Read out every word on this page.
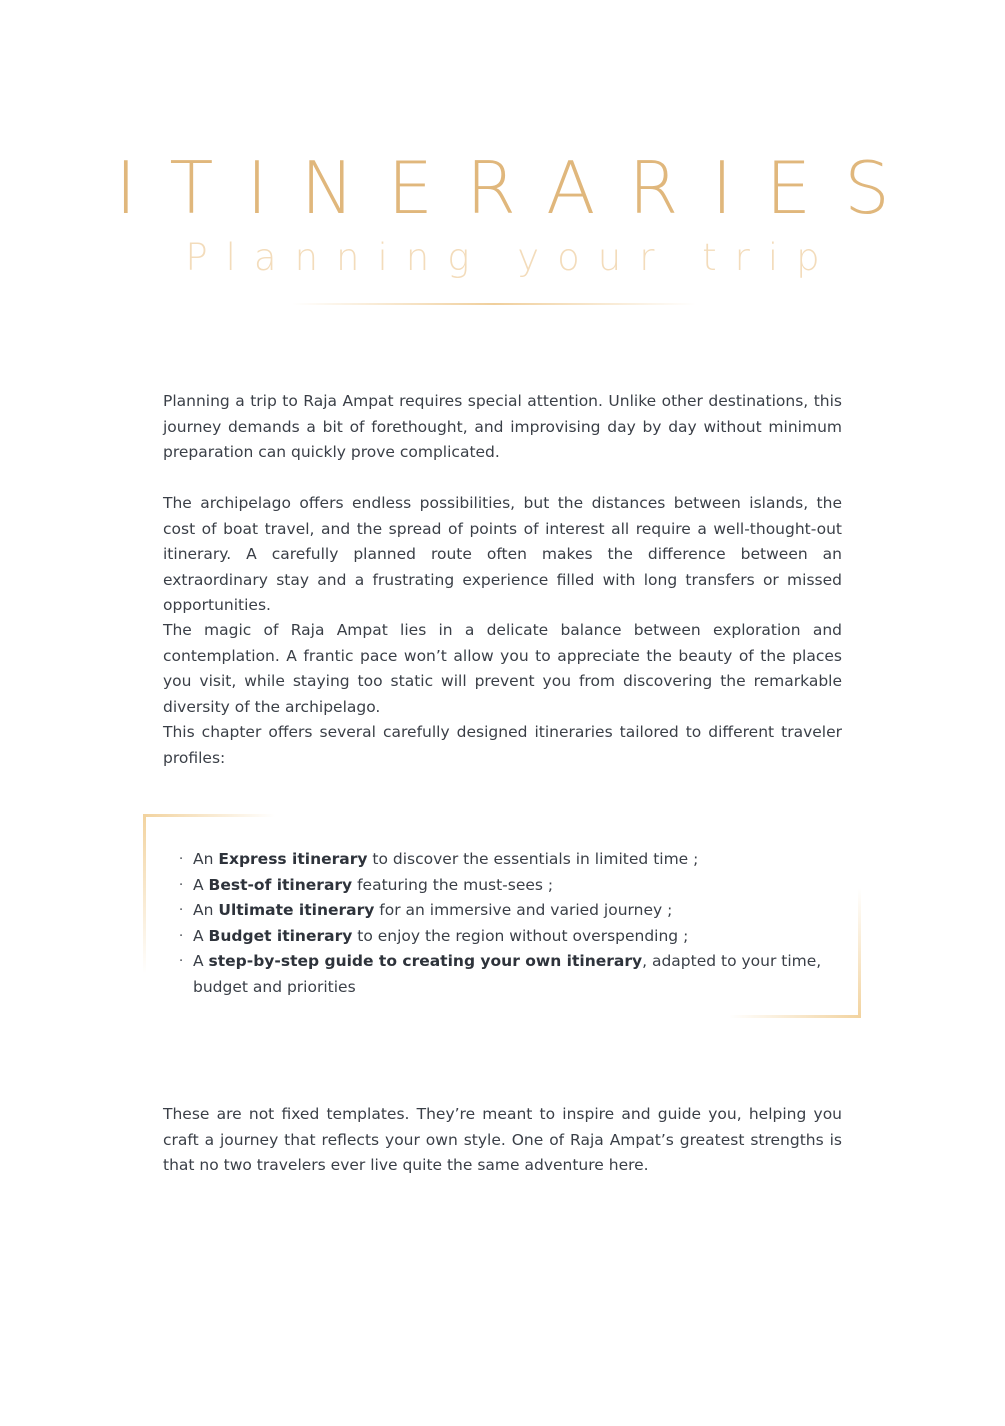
ITINERARIES
Planning your trip

Planning a trip to Raja Ampat requires special attention. Unlike other destinations, this journey demands a bit of forethought, and improvising day by day without minimum preparation can quickly prove complicated.

The archipelago offers endless possibilities, but the distances between islands, the cost of boat travel, and the spread of points of interest all require a well-thought-out itinerary. A carefully planned route often makes the difference between an extraordinary stay and a frustrating experience filled with long transfers or missed opportunities.

The magic of Raja Ampat lies in a delicate balance between exploration and contemplation. A frantic pace won’t allow you to appreciate the beauty of the places you visit, while staying too static will prevent you from discovering the remarkable diversity of the archipelago.

This chapter offers several carefully designed itineraries tailored to different traveler profiles:

· An Express itinerary to discover the essentials in limited time ;
· A Best-of itinerary featuring the must-sees ;
· An Ultimate itinerary for an immersive and varied journey ;
· A Budget itinerary to enjoy the region without overspending ;
· A step-by-step guide to creating your own itinerary, adapted to your time, budget and priorities

These are not fixed templates. They’re meant to inspire and guide you, helping you craft a journey that reflects your own style. One of Raja Ampat’s greatest strengths is that no two travelers ever live quite the same adventure here.
